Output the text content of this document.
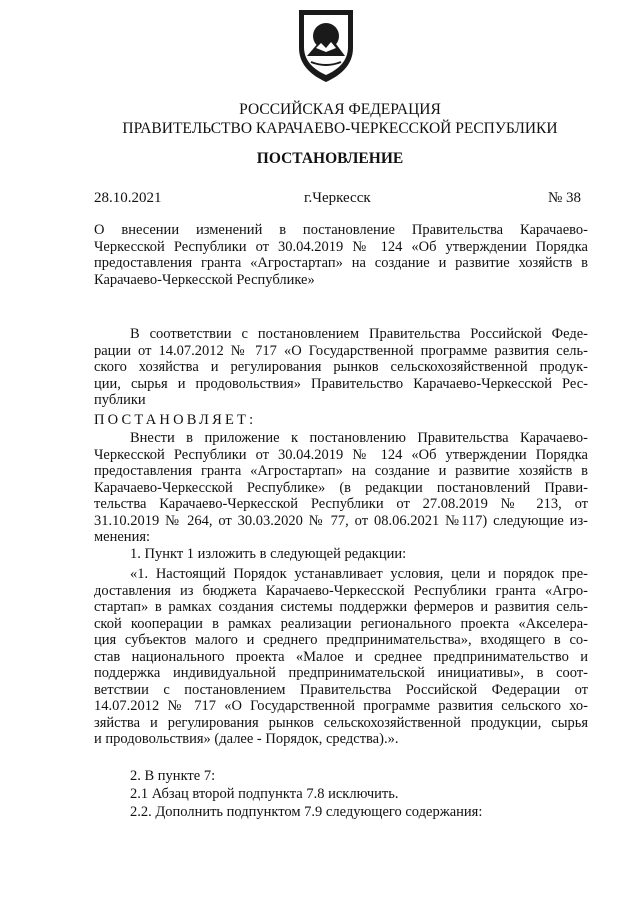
РОССИЙСКАЯ ФЕДЕРАЦИЯ
ПРАВИТЕЛЬСТВО КАРАЧАЕВО-ЧЕРКЕССКОЙ РЕСПУБЛИКИ
ПОСТАНОВЛЕНИЕ
28.10.2021	г.Черкесск	№ 38
О внесении изменений в постановление Правительства Карачаево-
Черкесской Республики от 30.04.2019 № 124 «Об утверждении Порядка
предоставления гранта «Агростартап» на создание и развитие хозяйств в
Карачаево-Черкесской Республике»
В соответствии с постановлением Правительства Российской Феде-
рации от 14.07.2012 № 717 «О Государственной программе развития сель-
ского хозяйства и регулирования рынков сельскохозяйственной продук-
ции, сырья и продовольствия» Правительство Карачаево-Черкесской Рес-
публики
ПОСТАНОВЛЯЕТ:
Внести в приложение к постановлению Правительства Карачаево-
Черкесской Республики от 30.04.2019 № 124 «Об утверждении Порядка
предоставления гранта «Агростартап» на создание и развитие хозяйств в
Карачаево-Черкесской Республике» (в редакции постановлений Прави-
тельства Карачаево-Черкесской Республики от 27.08.2019 № 213, от
31.10.2019 № 264, от 30.03.2020 № 77, от 08.06.2021 №117) следующие из-
менения:
1. Пункт 1 изложить в следующей редакции:
«1. Настоящий Порядок устанавливает условия, цели и порядок пре-
доставления из бюджета Карачаево-Черкесской Республики гранта «Агро-
стартап» в рамках создания системы поддержки фермеров и развития сель-
ской кооперации в рамках реализации регионального проекта «Акселера-
ция субъектов малого и среднего предпринимательства», входящего в со-
став национального проекта «Малое и среднее предпринимательство и
поддержка индивидуальной предпринимательской инициативы», в соот-
ветствии с постановлением Правительства Российской Федерации от
14.07.2012 № 717 «О Государственной программе развития сельского хо-
зяйства и регулирования рынков сельскохозяйственной продукции, сырья
и продовольствия» (далее - Порядок, средства).».
2. В пункте 7:
2.1 Абзац второй подпункта 7.8 исключить.
2.2. Дополнить подпунктом 7.9 следующего содержания:
